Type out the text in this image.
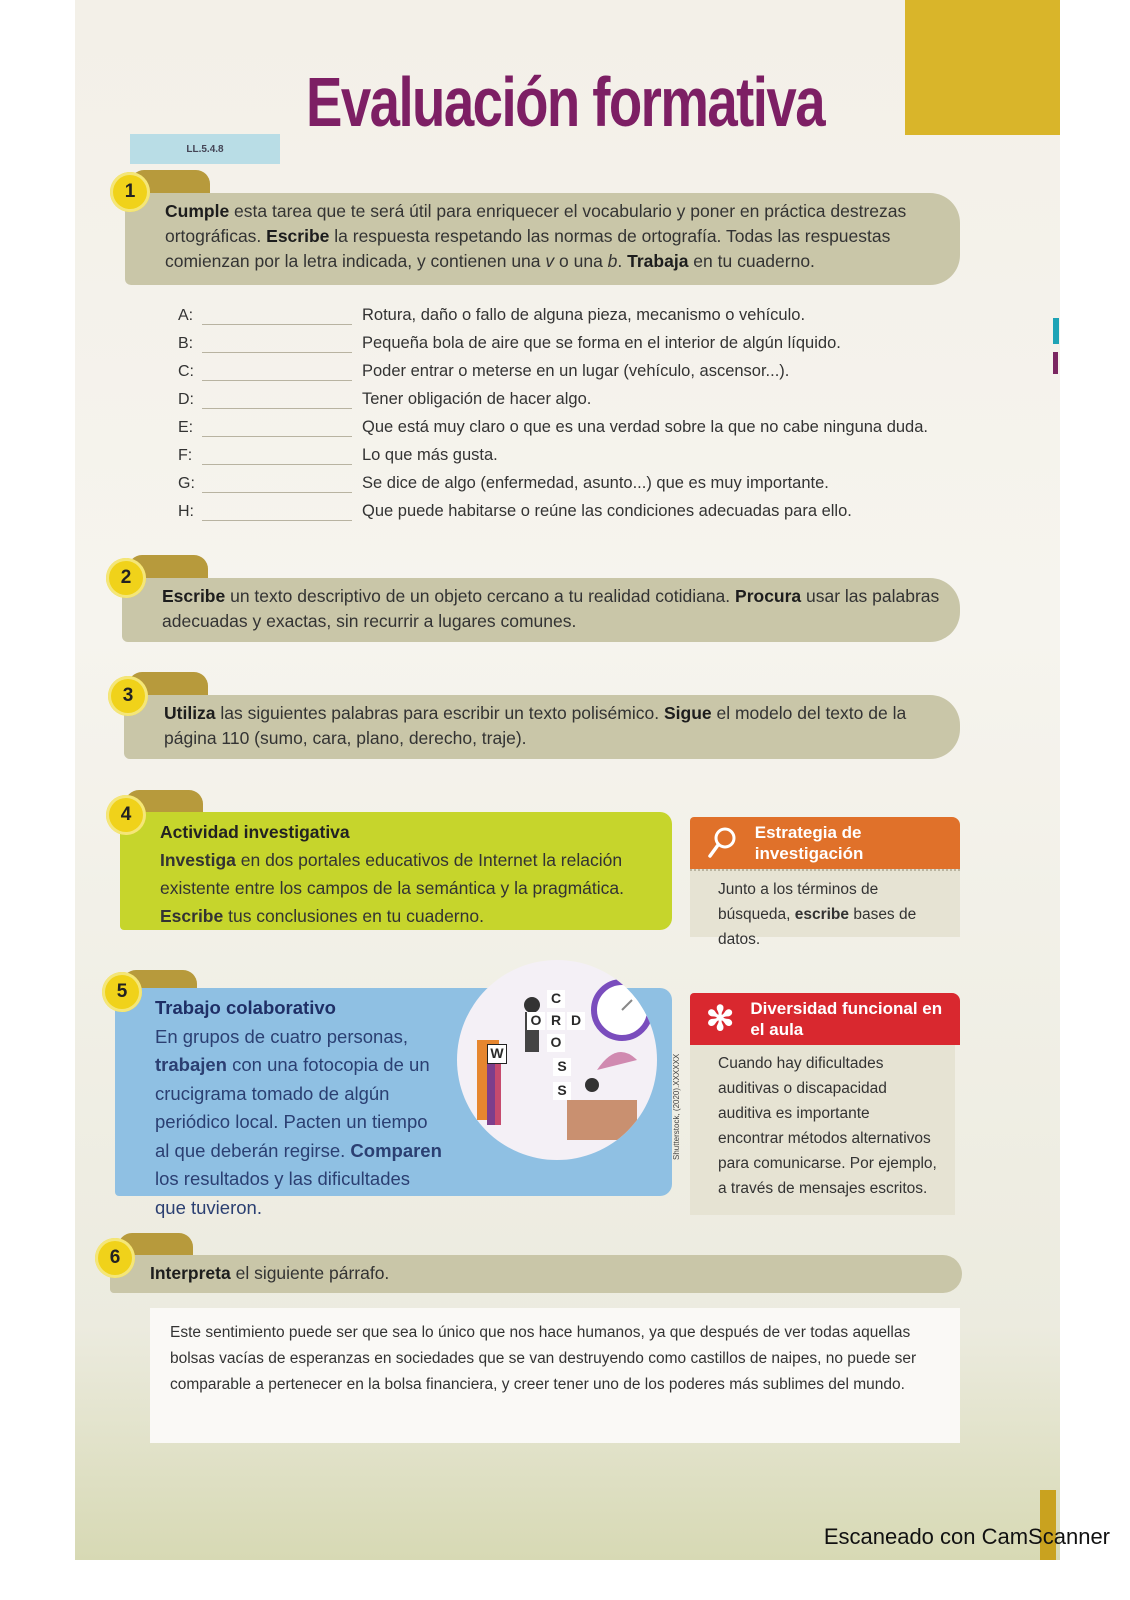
Evaluación formativa
LL.5.4.8
Cumple esta tarea que te será útil para enriquecer el vocabulario y poner en práctica destrezas ortográficas. Escribe la respuesta respetando las normas de ortografía. Todas las respuestas comienzan por la letra indicada, y contienen una v o una b. Trabaja en tu cuaderno.
1
A:	Rotura, daño o fallo de alguna pieza, mecanismo o vehículo.
B:	Pequeña bola de aire que se forma en el interior de algún líquido.
C:	Poder entrar o meterse en un lugar (vehículo, ascensor...).
D:	Tener obligación de hacer algo.
E:	Que está muy claro o que es una verdad sobre la que no cabe ninguna duda.
F:	Lo que más gusta.
G:	Se dice de algo (enfermedad, asunto...) que es muy importante.
H:	Que puede habitarse o reúne las condiciones adecuadas para ello.
Escribe un texto descriptivo de un objeto cercano a tu realidad cotidiana. Procura usar las palabras adecuadas y exactas, sin recurrir a lugares comunes.
2
Utiliza las siguientes palabras para escribir un texto polisémico. Sigue el modelo del texto de la página 110 (sumo, cara, plano, derecho, traje).
3
Actividad investigativa
Investiga en dos portales educativos de Internet la relación existente entre los campos de la semántica y la pragmática. Escribe tus conclusiones en tu cuaderno.
4
Estrategia de investigación
Junto a los términos de búsqueda, escribe bases de datos.
Trabajo colaborativo
En grupos de cuatro personas, trabajen con una fotocopia de un crucigrama tomado de algún periódico local. Pacten un tiempo al que deberán regirse. Comparen los resultados y las dificultades que tuvieron.
5	C
O R D
O
S
S
W
Shutterstock, (2020).XXXXXX
✻ Diversidad funcional en el aula
Cuando hay dificultades auditivas o discapacidad auditiva es importante encontrar métodos alternativos para comunicarse. Por ejemplo, a través de mensajes escritos.
Interpreta el siguiente párrafo.
6
Este sentimiento puede ser que sea lo único que nos hace humanos, ya que después de ver todas aquellas bolsas vacías de esperanzas en sociedades que se van destruyendo como castillos de naipes, no puede ser comparable a pertenecer en la bolsa financiera, y creer tener uno de los poderes más sublimes del mundo.
Escaneado con CamScanner
